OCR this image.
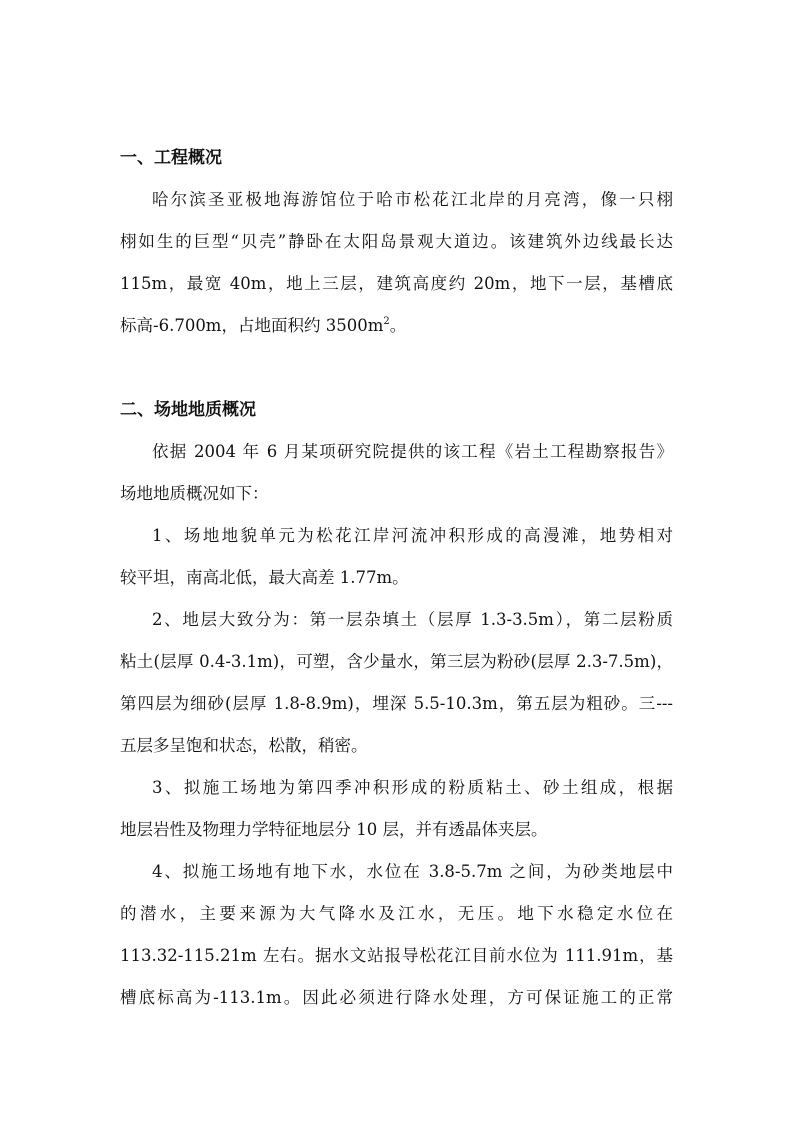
一、工程概况
哈尔滨圣亚极地海游馆位于哈市松花江北岸的月亮湾，像一只栩
栩如生的巨型“贝壳”静卧在太阳岛景观大道边。该建筑外边线最长达
115m，最宽 40m，地上三层，建筑高度约 20m，地下一层，基槽底
标高-6.700m，占地面积约 $3500m^2$。
二、场地地质概况
依据 2004 年 6 月某项研究院提供的该工程《岩土工程勘察报告》
场地地质概况如下：
1、场地地貌单元为松花江岸河流冲积形成的高漫滩，地势相对
较平坦，南高北低，最大高差 1.77m。
2、地层大致分为：第一层杂填土（层厚 1.3-3.5m），第二层粉质
粘土(层厚 0.4-3.1m)，可塑，含少量水，第三层为粉砂(层厚 2.3-7.5m)，
第四层为细砂(层厚 1.8-8.9m)，埋深 5.5-10.3m，第五层为粗砂。三---
五层多呈饱和状态，松散，稍密。
3、拟施工场地为第四季冲积形成的粉质粘土、砂土组成，根据
地层岩性及物理力学特征地层分 10 层，并有透晶体夹层。
4、拟施工场地有地下水，水位在 3.8-5.7m 之间，为砂类地层中
的潜水，主要来源为大气降水及江水，无压。地下水稳定水位在
113.32-115.21m 左右。据水文站报导松花江目前水位为 111.91m，基
槽底标高为-113.1m。因此必须进行降水处理，方可保证施工的正常
